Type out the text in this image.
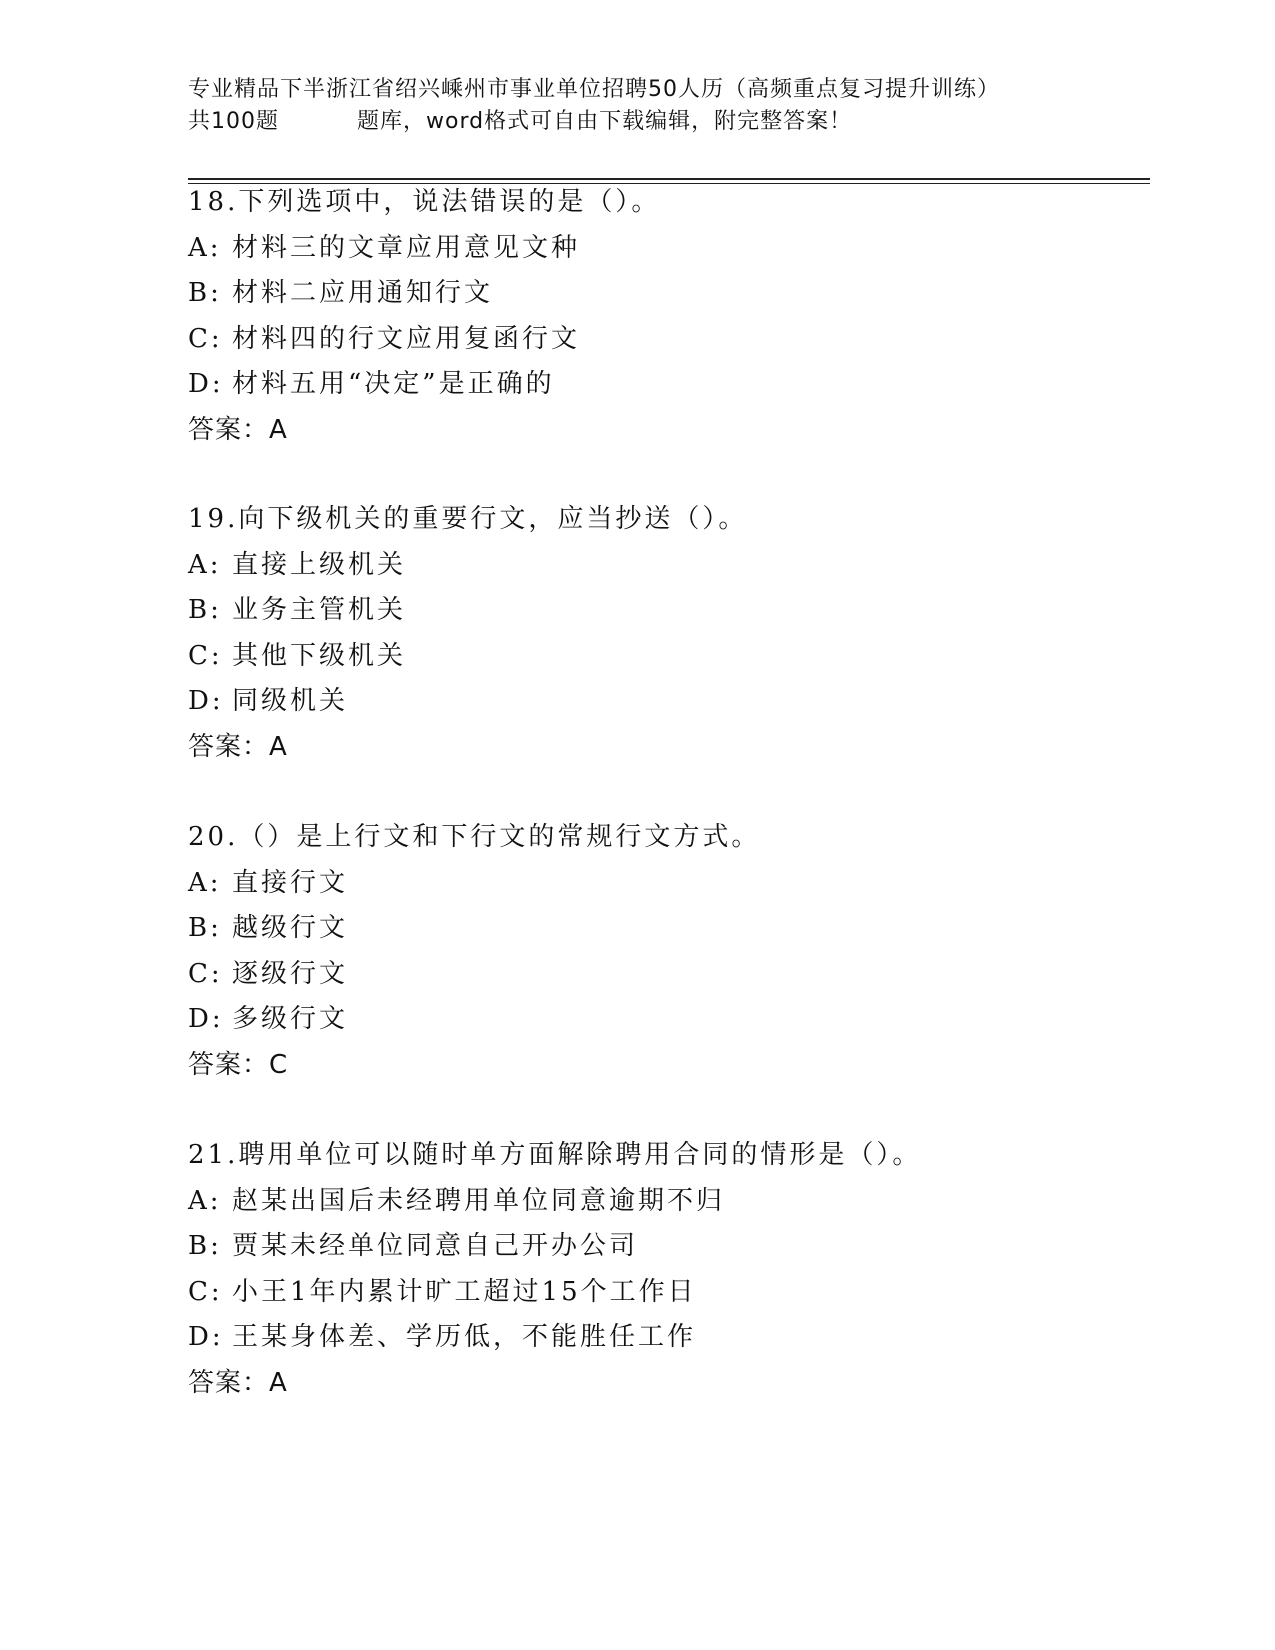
专业精品下半浙江省绍兴嵊州市事业单位招聘50人历（高频重点复习提升训练）
共100题	题库，word格式可自由下载编辑，附完整答案！
18.下列选项中，说法错误的是（）。
A: 材料三的文章应用意见文种
B: 材料二应用通知行文
C: 材料四的行文应用复函行文
D: 材料五用“决定”是正确的
答案：A
19.向下级机关的重要行文，应当抄送（）。
A: 直接上级机关
B: 业务主管机关
C: 其他下级机关
D: 同级机关
答案：A
20.（）是上行文和下行文的常规行文方式。
A: 直接行文
B: 越级行文
C: 逐级行文
D: 多级行文
答案：C
21.聘用单位可以随时单方面解除聘用合同的情形是（）。
A: 赵某出国后未经聘用单位同意逾期不归
B: 贾某未经单位同意自己开办公司
C: 小王1年内累计旷工超过15个工作日
D: 王某身体差、学历低，不能胜任工作
答案：A
